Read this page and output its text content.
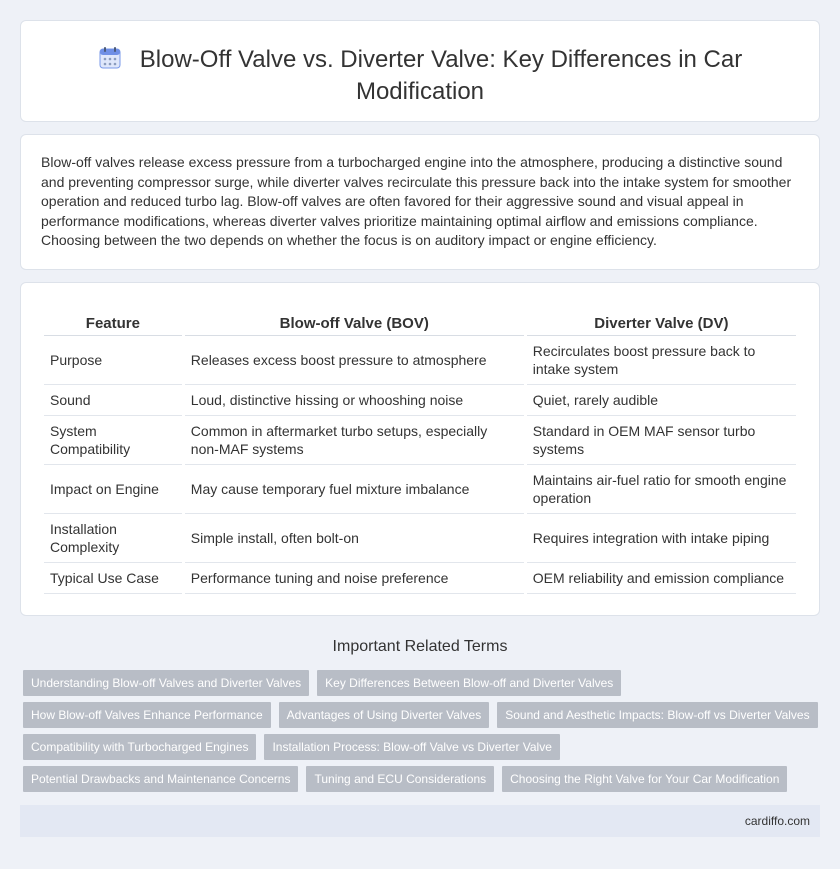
Blow-Off Valve vs. Diverter Valve: Key Differences in Car Modification

Blow-off valves release excess pressure from a turbocharged engine into the atmosphere, producing a distinctive sound and preventing compressor surge, while diverter valves recirculate this pressure back into the intake system for smoother operation and reduced turbo lag. Blow-off valves are often favored for their aggressive sound and visual appeal in performance modifications, whereas diverter valves prioritize maintaining optimal airflow and emissions compliance. Choosing between the two depends on whether the focus is on auditory impact or engine efficiency.

Feature	Blow-off Valve (BOV)	Diverter Valve (DV)
Purpose	Releases excess boost pressure to atmosphere	Recirculates boost pressure back to intake system
Sound	Loud, distinctive hissing or whooshing noise	Quiet, rarely audible
System Compatibility	Common in aftermarket turbo setups, especially non-MAF systems	Standard in OEM MAF sensor turbo systems
Impact on Engine	May cause temporary fuel mixture imbalance	Maintains air-fuel ratio for smooth engine operation
Installation Complexity	Simple install, often bolt-on	Requires integration with intake piping
Typical Use Case	Performance tuning and noise preference	OEM reliability and emission compliance
Important Related Terms
Understanding Blow-off Valves and Diverter Valves	Key Differences Between Blow-off and Diverter Valves
How Blow-off Valves Enhance Performance	Advantages of Using Diverter Valves	Sound and Aesthetic Impacts: Blow-off vs Diverter Valves
Compatibility with Turbocharged Engines	Installation Process: Blow-off Valve vs Diverter Valve
Potential Drawbacks and Maintenance Concerns	Tuning and ECU Considerations	Choosing the Right Valve for Your Car Modification
cardiffo.com
